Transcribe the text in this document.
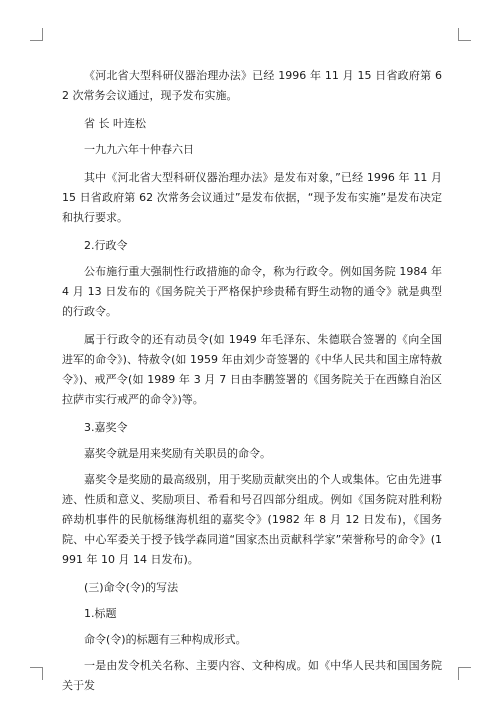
《河北省大型科研仪器治理办法》已经 1996 年 11 月 15 日省政府第 62 次常务会议通过，现予发布实施。

省 长 叶连松

一九九六年十仲春六日

其中《河北省大型科研仪器治理办法》是发布对象，”已经 1996 年 11 月 15 日省政府第 62 次常务会议通过”是发布依据，“现予发布实施”是发布决定和执行要求。

2.行政令

公布施行重大强制性行政措施的命令，称为行政令。例如国务院 1984 年 4 月 13 日发布的《国务院关于严格保护珍贵稀有野生动物的通令》就是典型的行政令。

属于行政令的还有动员令(如 1949 年毛泽东、朱德联合签署的《向全国进军的命令》)、特赦令(如 1959 年由刘少奇签署的《中华人民共和国主席特赦令》)、戒严令(如 1989 年 3 月 7 日由李鹏签署的《国务院关于在西鲦自治区拉萨市实行戒严的命令》)等。

3.嘉奖令

嘉奖令就是用来奖励有关职员的命令。

嘉奖令是奖励的最高级别，用于奖励贡献突出的个人或集体。它由先进事迹、性质和意义、奖励项目、希看和号召四部分组成。例如《国务院对胜利粉碎劫机事件的民航杨继海机组的嘉奖令》(1982 年 8 月 12 日发布)，《国务院、中心军委关于授予钱学森同道“国家杰出贡献科学家”荣誉称号的命令》(1991 年 10 月 14 日发布)。

(三)命令(令)的写法

1.标题

命令(令)的标题有三种构成形式。

一是由发令机关名称、主要内容、文种构成。如《中华人民共和国国务院关于发
